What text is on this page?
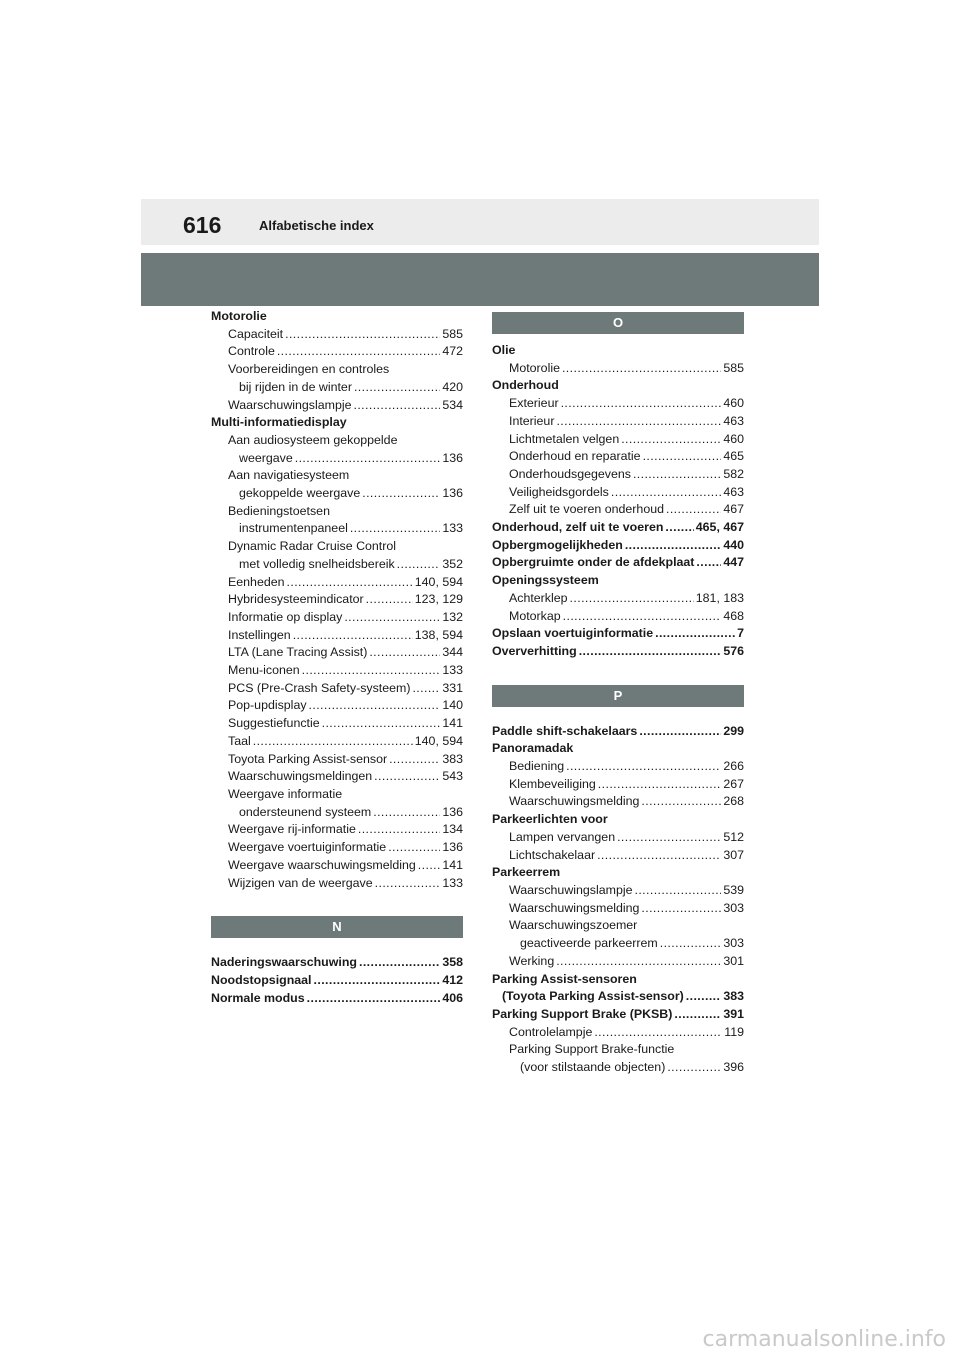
616	Alfabetische index
Motorolie
Capaciteit .....	585
Controle .....	472
Voorbereidingen en controles
bij rijden in de winter .....	420
Waarschuwingslampje .....	534
Multi-informatiedisplay
Aan audiosysteem gekoppelde
weergave .....	136
Aan navigatiesysteem
gekoppelde weergave .....	136
Bedieningstoetsen
instrumentenpaneel .....	133
Dynamic Radar Cruise Control
met volledig snelheidsbereik .....	352
Eenheden .....	140, 594
Hybridesysteemindicator .....	123, 129
Informatie op display .....	132
Instellingen .....	138, 594
LTA (Lane Tracing Assist) .....	344
Menu-iconen .....	133
PCS (Pre-Crash Safety-systeem) .....	331
Pop-updisplay .....	140
Suggestiefunctie .....	141
Taal .....	140, 594
Toyota Parking Assist-sensor .....	383
Waarschuwingsmeldingen .....	543
Weergave informatie
ondersteunend systeem .....	136
Weergave rij-informatie .....	134
Weergave voertuiginformatie .....	136
Weergave waarschuwingsmelding ..... 141
Wijzigen van de weergave .....	133
N
Naderingswaarschuwing .....	358
Noodstopsignaal .....	412
Normale modus .....	406
O
Olie
Motorolie .....	585
Onderhoud
Exterieur .....	460
Interieur .....	463
Lichtmetalen velgen .....	460
Onderhoud en reparatie .....	465
Onderhoudsgegevens .....	582
Veiligheidsgordels .....	463
Zelf uit te voeren onderhoud .....	467
Onderhoud, zelf uit te voeren .....	465, 467
Opbergmogelijkheden .....	440
Opbergruimte onder de afdekplaat ..... 447
Openingssysteem
Achterklep .....	181, 183
Motorkap .....	468
Opslaan voertuiginformatie .....	7
Oververhitting .....	576
P
Paddle shift-schakelaars .....	299
Panoramadak
Bediening .....	266
Klembeveiliging .....	267
Waarschuwingsmelding .....	268
Parkeerlichten voor
Lampen vervangen .....	512
Lichtschakelaar .....	307
Parkeerrem
Waarschuwingslampje .....	539
Waarschuwingsmelding .....	303
Waarschuwingszoemer
geactiveerde parkeerrem .....	303
Werking .....	301
Parking Assist-sensoren
(Toyota Parking Assist-sensor) .....	383
Parking Support Brake (PKSB) .....	391
Controlelampje .....	119
Parking Support Brake-functie
(voor stilstaande objecten) .....	396
carmanualsonline.info
